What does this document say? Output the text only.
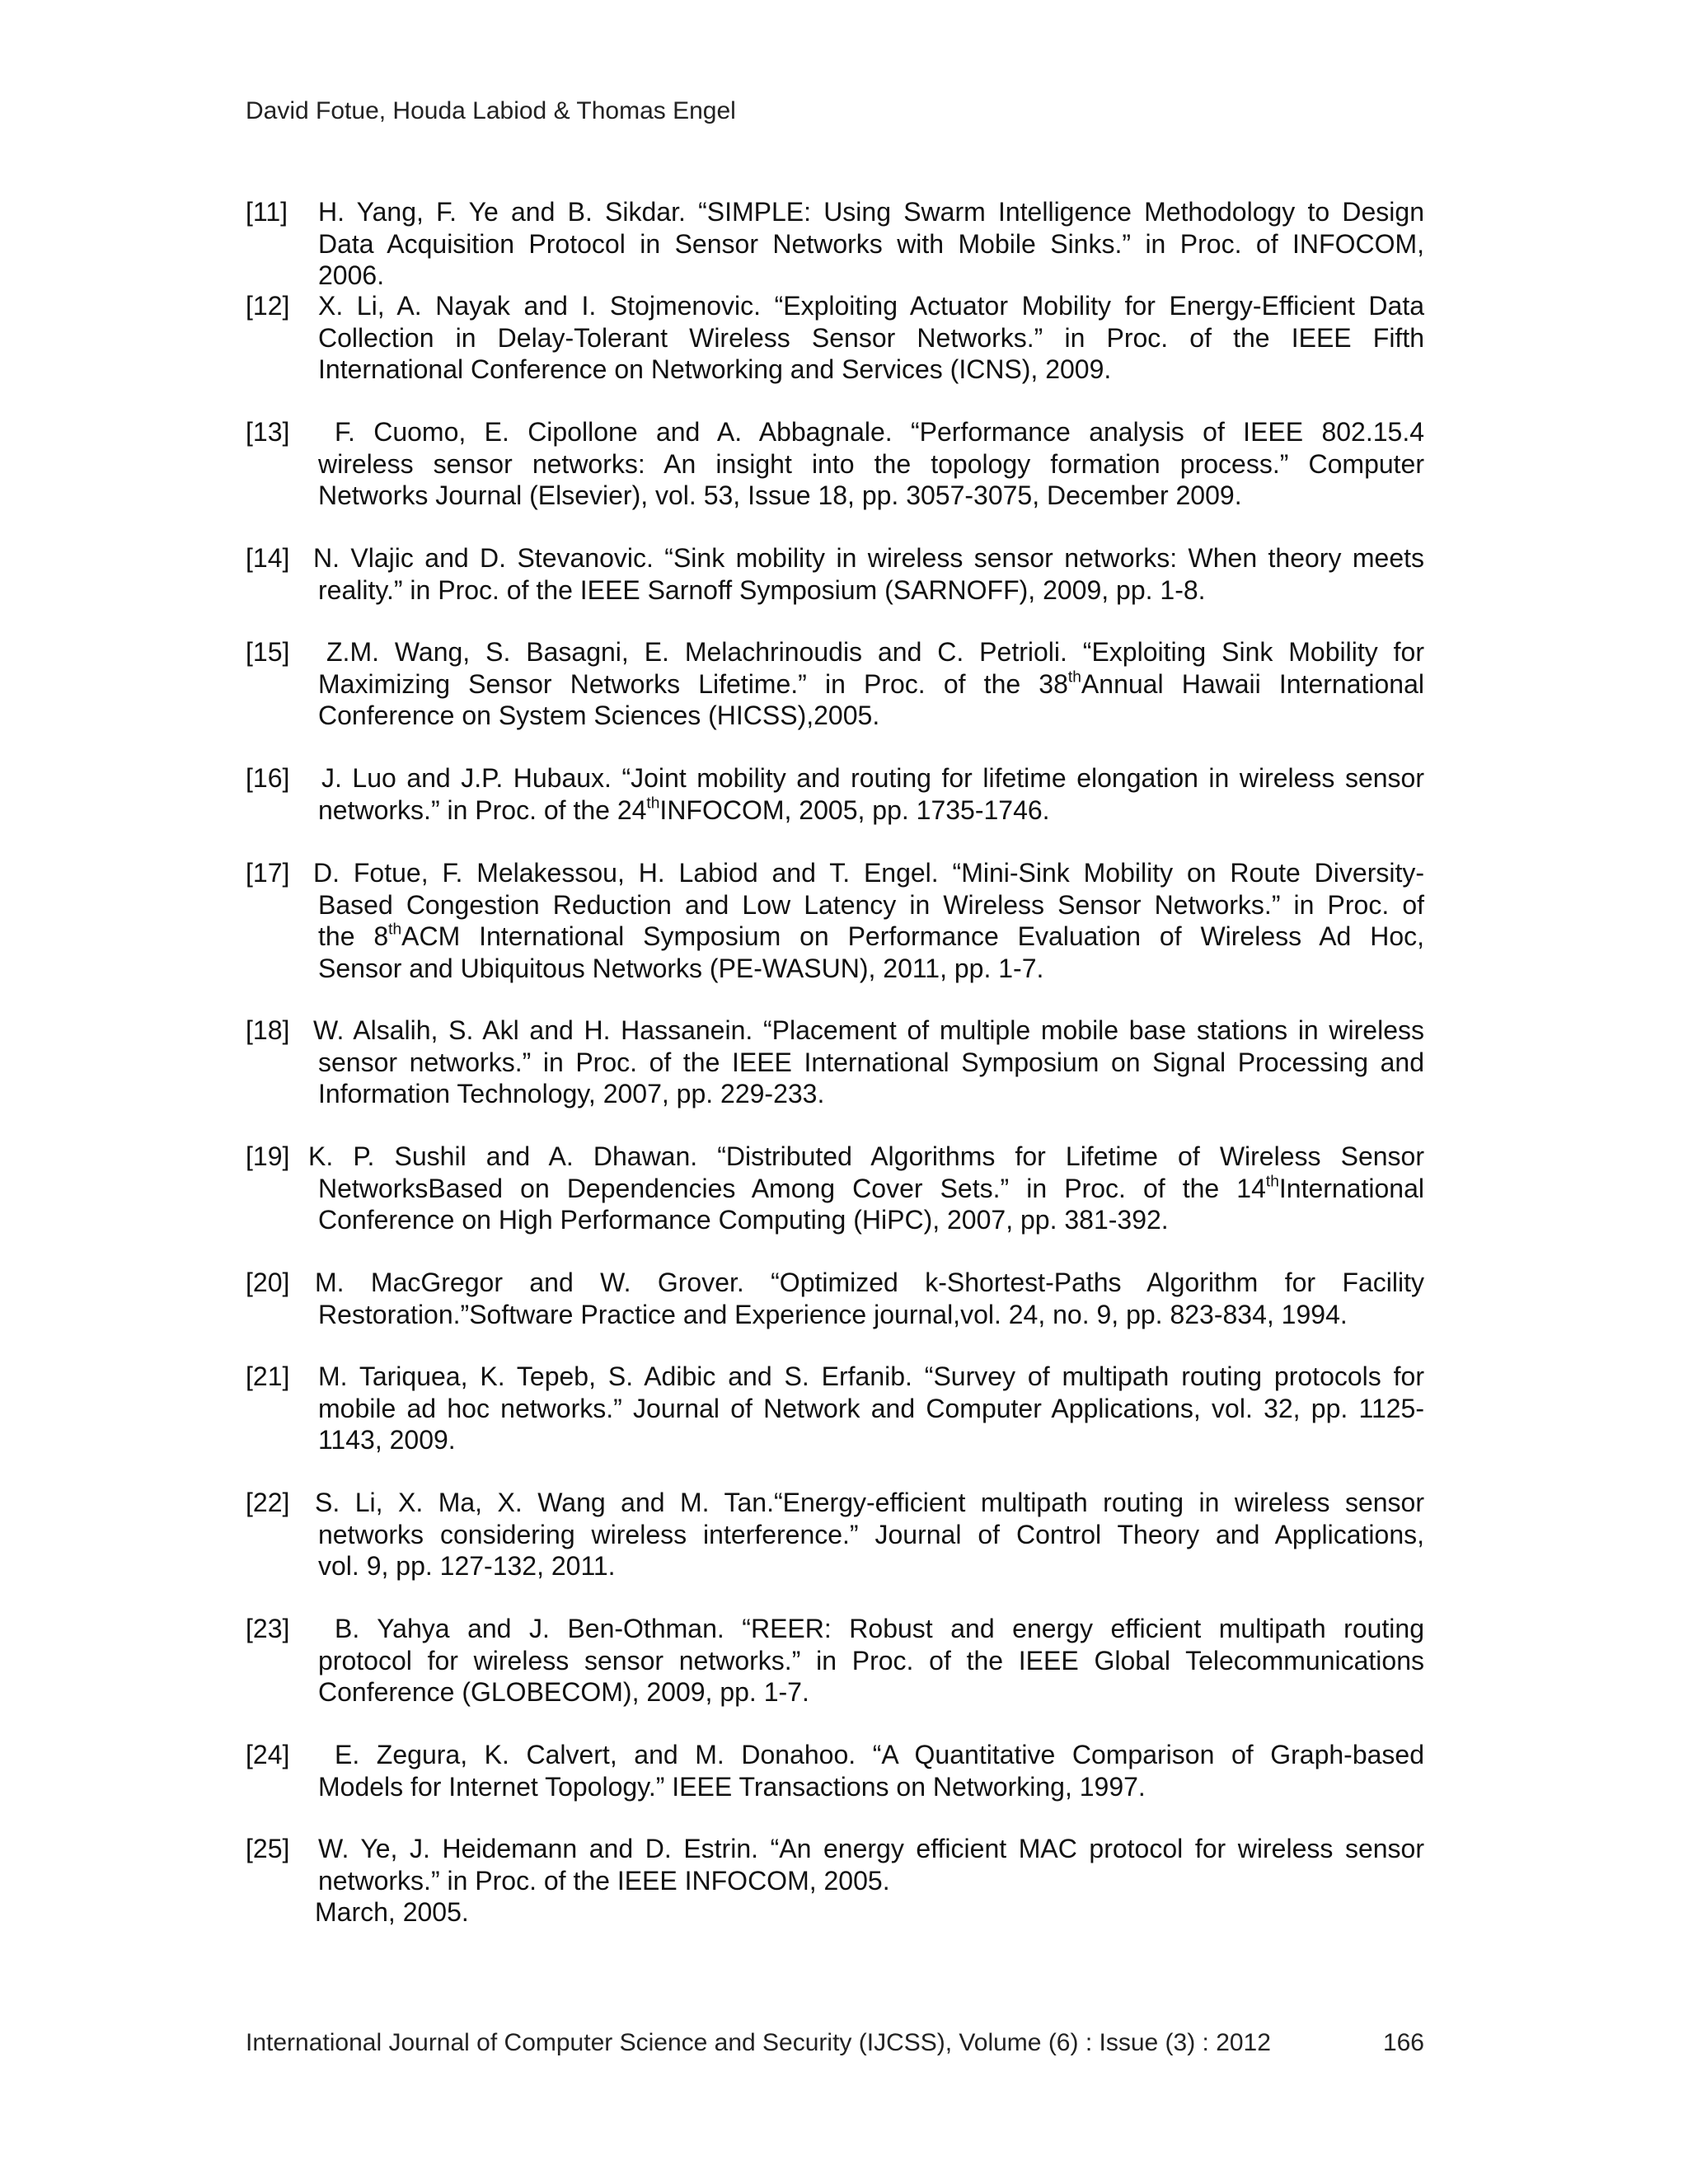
David Fotue, Houda Labiod & Thomas Engel
[11] H. Yang, F. Ye and B. Sikdar. “SIMPLE: Using Swarm Intelligence Methodology to Design
Data Acquisition Protocol in Sensor Networks with Mobile Sinks.” in Proc. of INFOCOM,
2006.
[12] X. Li, A. Nayak and I. Stojmenovic. “Exploiting Actuator Mobility for Energy-Efficient Data
Collection in Delay-Tolerant Wireless Sensor Networks.” in Proc. of the IEEE Fifth
International Conference on Networking and Services (ICNS), 2009.
[13]	F. Cuomo, E. Cipollone and A. Abbagnale. “Performance analysis of IEEE 802.15.4
wireless sensor networks: An insight into the topology formation process.” Computer
Networks Journal (Elsevier), vol. 53, Issue 18, pp. 3057-3075, December 2009.
[14] N. Vlajic and D. Stevanovic. “Sink mobility in wireless sensor networks: When theory meets
reality.” in Proc. of the IEEE Sarnoff Symposium (SARNOFF), 2009, pp. 1-8.
[15]	Z.M. Wang, S. Basagni, E. Melachrinoudis and C. Petrioli. “Exploiting Sink Mobility for
Maximizing Sensor Networks Lifetime.” in Proc. of the 38thAnnual Hawaii International
Conference on System Sciences (HICSS),2005.
[16] J. Luo and J.P. Hubaux. “Joint mobility and routing for lifetime elongation in wireless sensor
networks.” in Proc. of the 24thINFOCOM, 2005, pp. 1735-1746.
[17] D. Fotue, F. Melakessou, H. Labiod and T. Engel. “Mini-Sink Mobility on Route Diversity-
Based Congestion Reduction and Low Latency in Wireless Sensor Networks.” in Proc. of
the 8thACM International Symposium on Performance Evaluation of Wireless Ad Hoc,
Sensor and Ubiquitous Networks (PE-WASUN), 2011, pp. 1-7.
[18] W. Alsalih, S. Akl and H. Hassanein. “Placement of multiple mobile base stations in wireless
sensor networks.” in Proc. of the IEEE International Symposium on Signal Processing and
Information Technology, 2007, pp. 229-233.
[19] K. P. Sushil and A. Dhawan. “Distributed Algorithms for Lifetime of Wireless Sensor
NetworksBased on Dependencies Among Cover Sets.” in Proc. of the 14thInternational
Conference on High Performance Computing (HiPC), 2007, pp. 381-392.
[20] M. MacGregor and W. Grover. “Optimized k-Shortest-Paths Algorithm for Facility
Restoration.”Software Practice and Experience journal,vol. 24, no. 9, pp. 823-834, 1994.
[21] M. Tariquea, K. Tepeb, S. Adibic and S. Erfanib. “Survey of multipath routing protocols for
mobile ad hoc networks.” Journal of Network and Computer Applications, vol. 32, pp. 1125-
1143, 2009.
[22] S. Li, X. Ma, X. Wang and M. Tan.“Energy-efficient multipath routing in wireless sensor
networks considering wireless interference.” Journal of Control Theory and Applications,
vol. 9, pp. 127-132, 2011.
[23]	B. Yahya and J. Ben-Othman. “REER: Robust and energy efficient multipath routing
protocol for wireless sensor networks.” in Proc. of the IEEE Global Telecommunications
Conference (GLOBECOM), 2009, pp. 1-7.
[24]	E. Zegura, K. Calvert, and M. Donahoo. “A Quantitative Comparison of Graph-based
Models for Internet Topology.” IEEE Transactions on Networking, 1997.
[25] W. Ye, J. Heidemann and D. Estrin. “An energy efficient MAC protocol for wireless sensor
networks.” in Proc. of the IEEE INFOCOM, 2005.
March, 2005.
International Journal of Computer Science and Security (IJCSS), Volume (6) : Issue (3) : 2012	166
